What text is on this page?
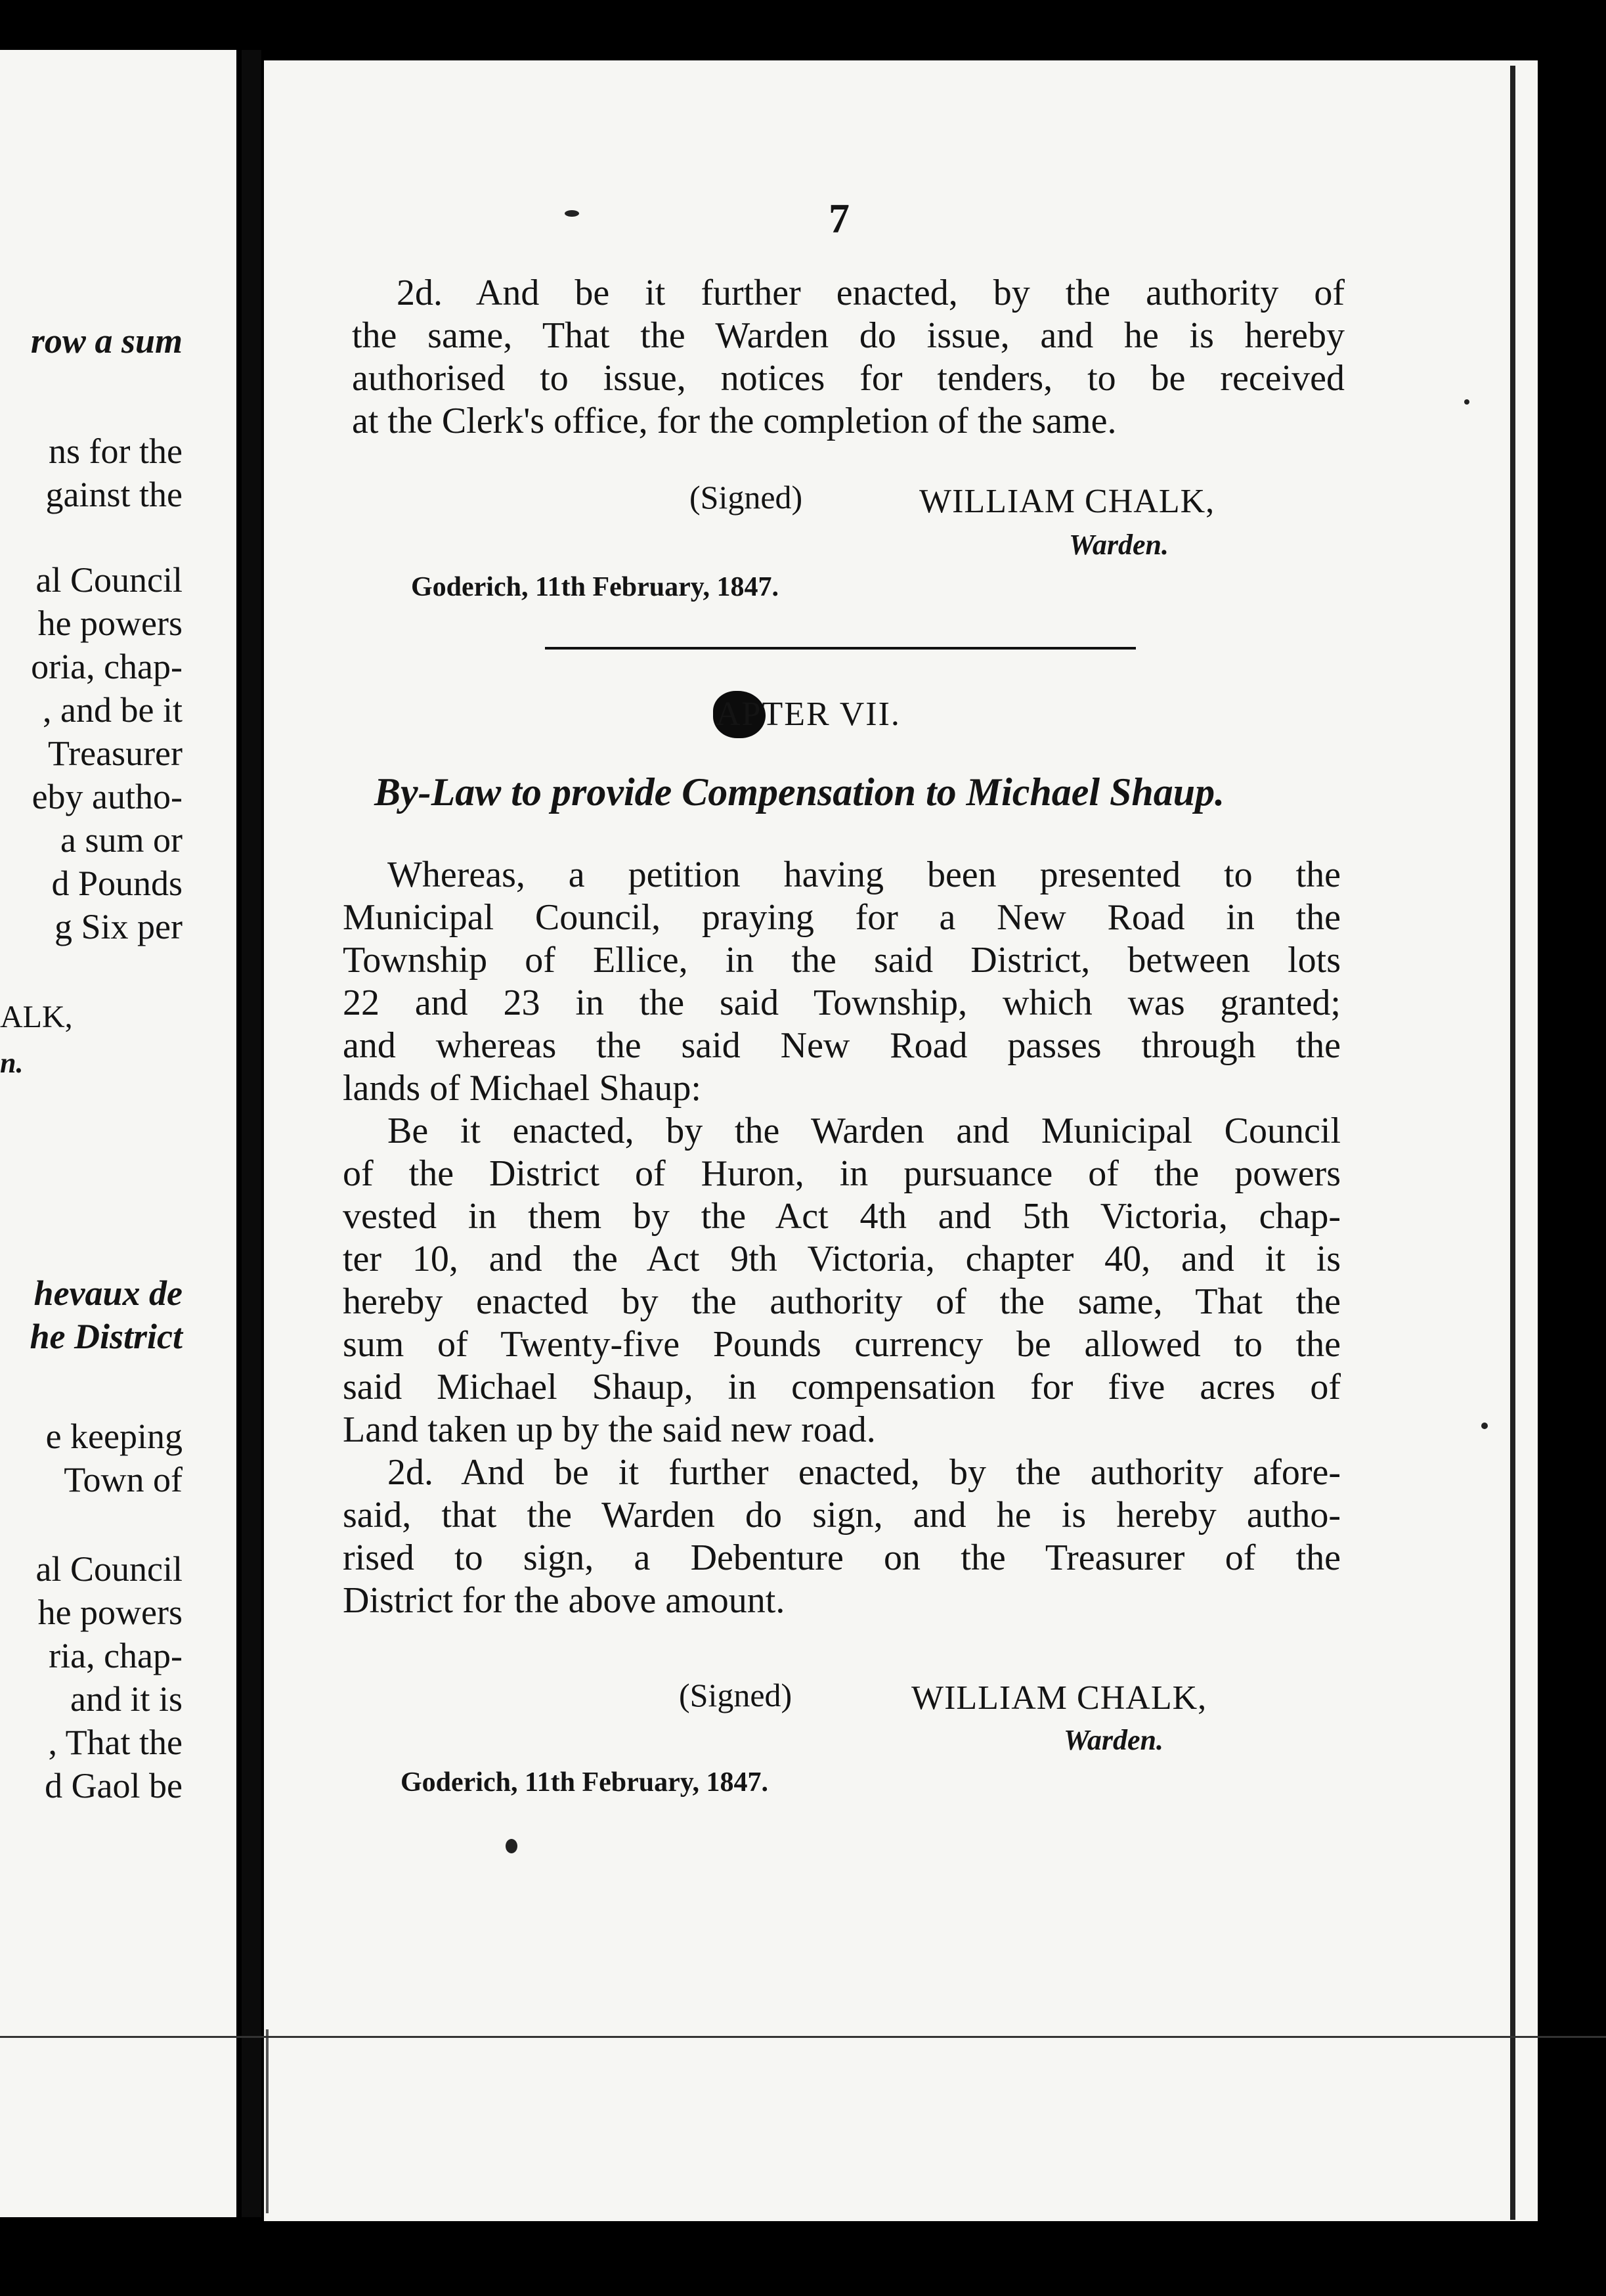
row a sum
ns for the
gainst the
al Council
he powers
oria, chap-
, and be it
Treasurer
eby autho-
a sum or
d Pounds
g Six per
ALK,
n.
hevaux de
he District
e keeping
Town of
al Council
he powers
ria, chap-
and it is
, That the
d Gaol be
7
2d. And be it further enacted, by the authority of
the same, That the Warden do issue, and he is hereby
authorised to issue, notices for tenders, to be received
at the Clerk's office, for the completion of the same.
(Signed)	WILLIAM CHALK,
Warden.
Goderich, 11th February, 1847.
APTER VII.
By-Law to provide Compensation to Michael Shaup.
Whereas, a petition having been presented to the
Municipal Council, praying for a New Road in the
Township of Ellice, in the said District, between lots
22 and 23 in the said Township, which was granted;
and whereas the said New Road passes through the
lands of Michael Shaup:
Be it enacted, by the Warden and Municipal Council
of the District of Huron, in pursuance of the powers
vested in them by the Act 4th and 5th Victoria, chap-
ter 10, and the Act 9th Victoria, chapter 40, and it is
hereby enacted by the authority of the same, That the
sum of Twenty-five Pounds currency be allowed to the
said Michael Shaup, in compensation for five acres of
Land taken up by the said new road.
2d. And be it further enacted, by the authority afore-
said, that the Warden do sign, and he is hereby autho-
rised to sign, a Debenture on the Treasurer of the
District for the above amount.
(Signed)	WILLIAM CHALK,
Warden.
Goderich, 11th February, 1847.
